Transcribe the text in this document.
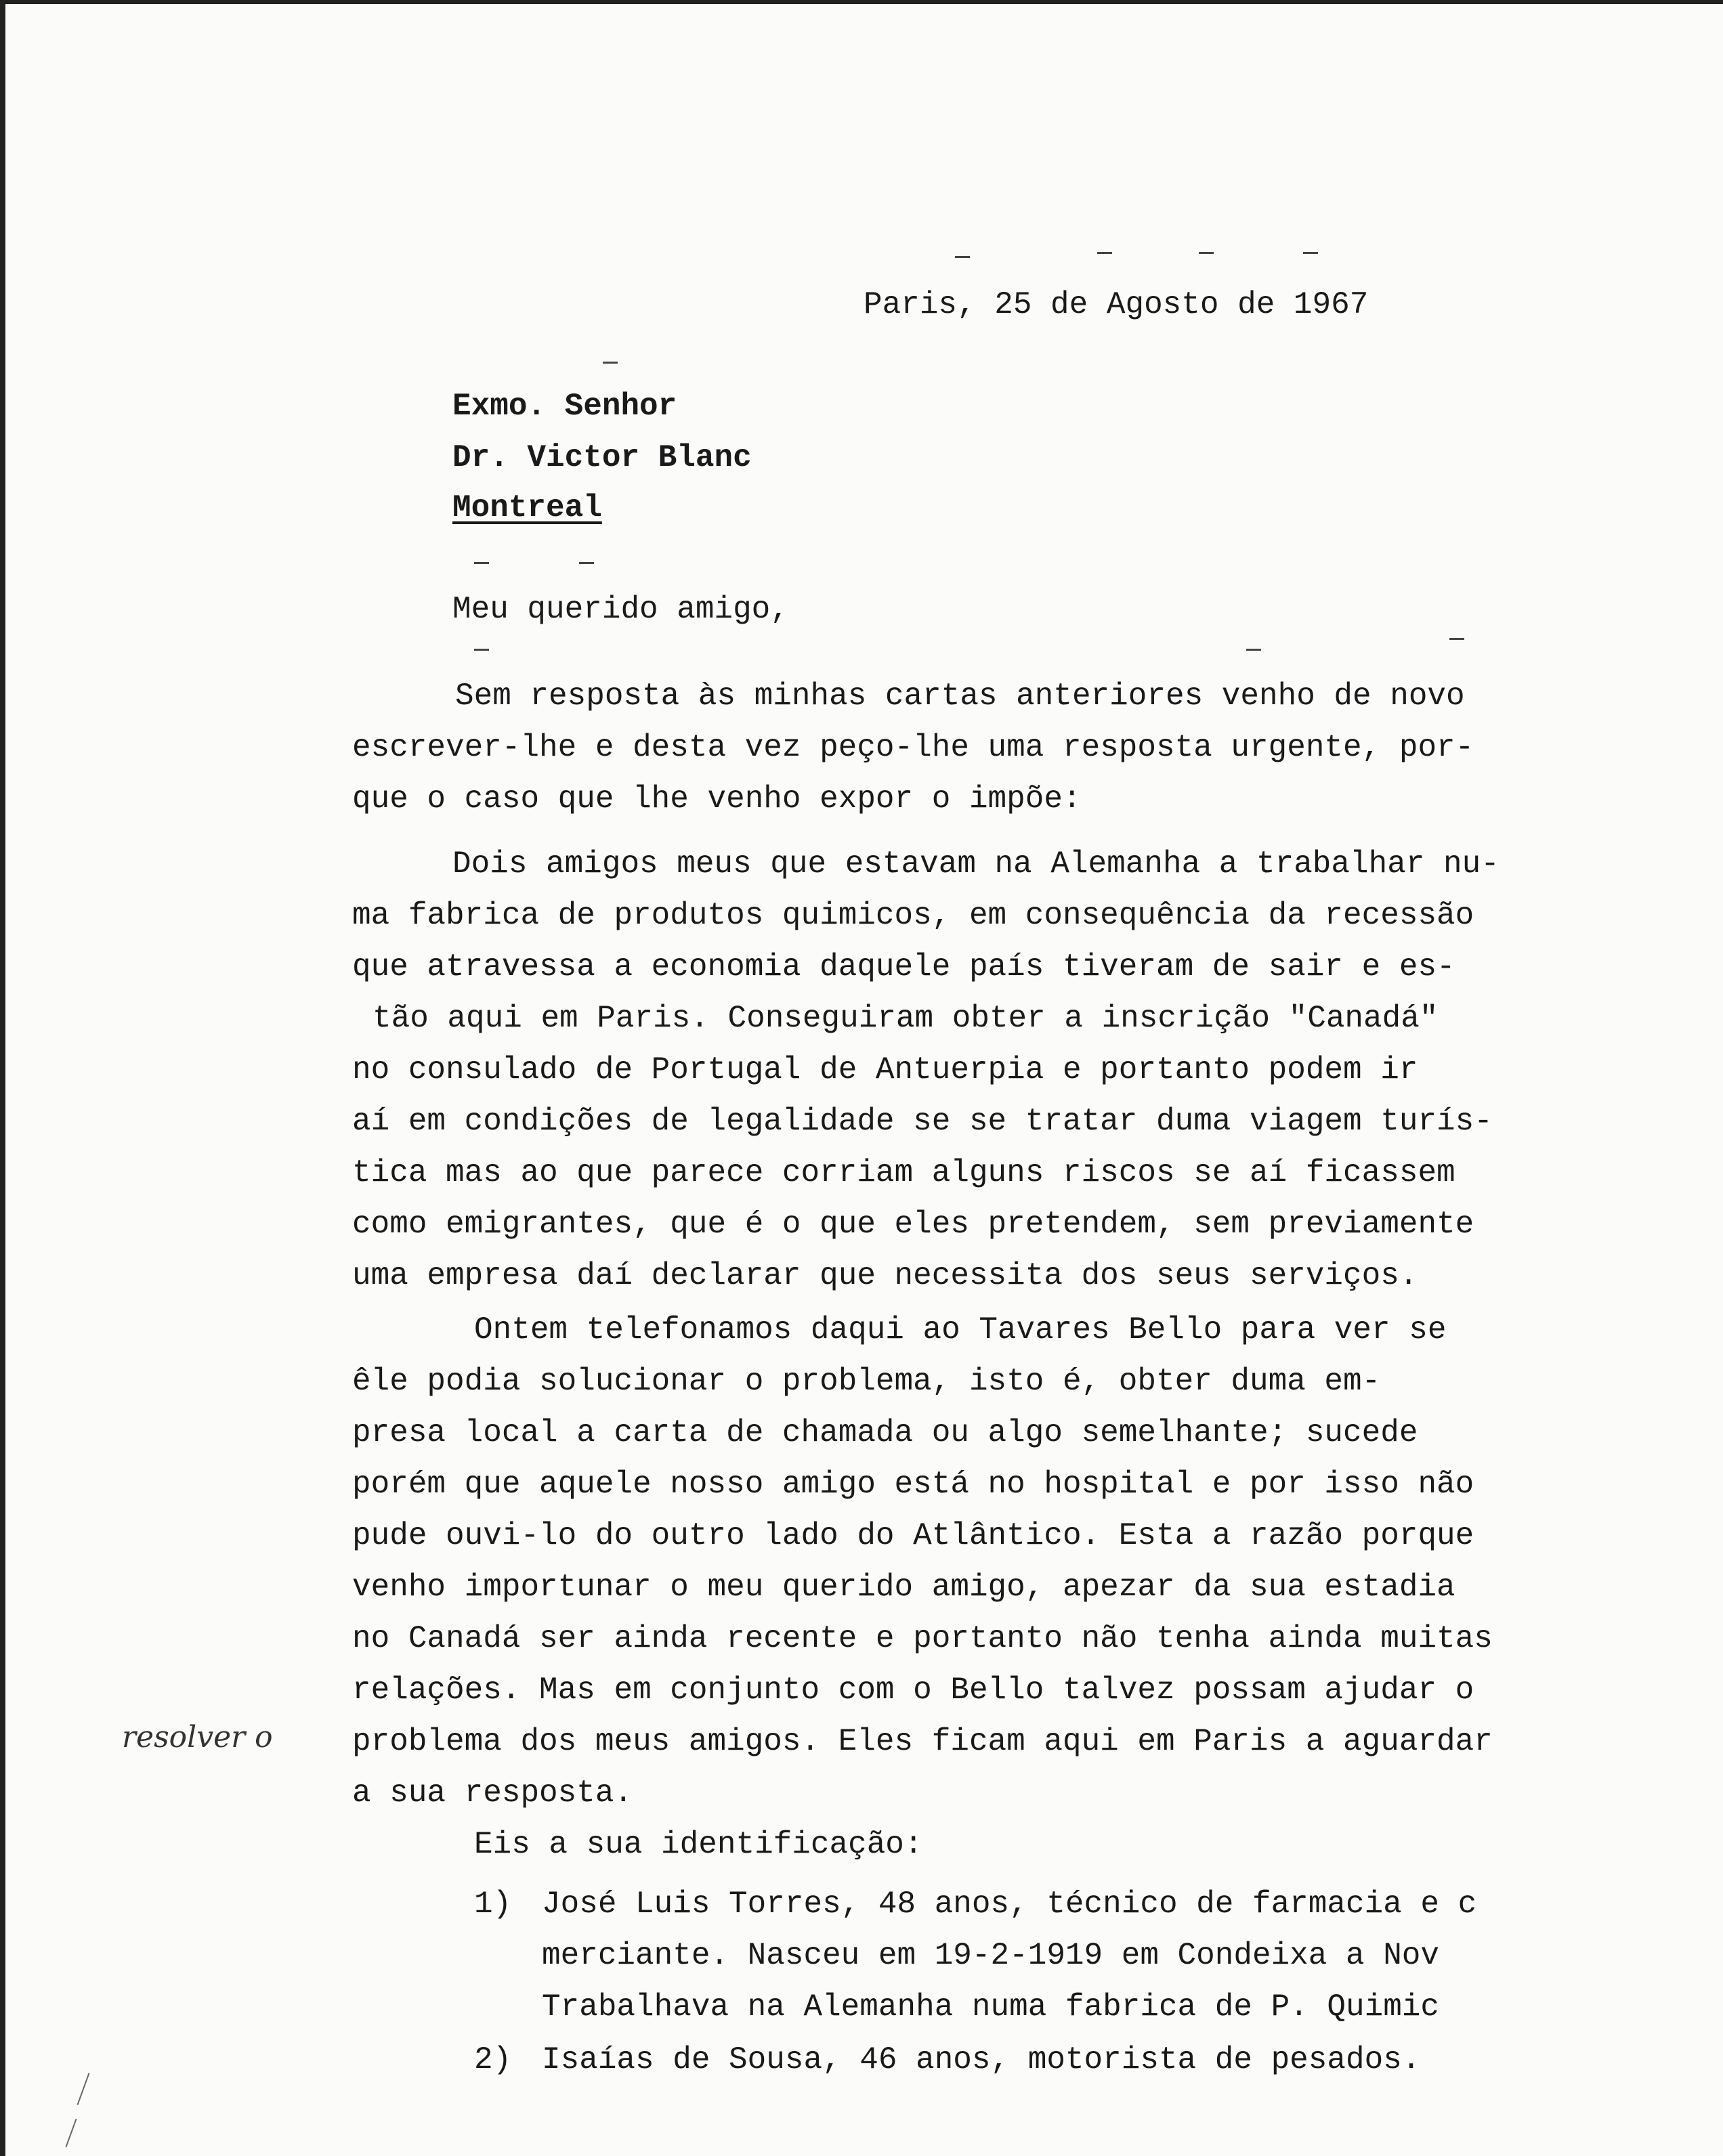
Paris, 25 de Agosto de 1967
Exmo. Senhor
Dr. Victor Blanc
Montreal
Meu querido amigo,
Sem resposta às minhas cartas anteriores venho de novo
escrever-lhe e desta vez peço-lhe uma resposta urgente, por-
que o caso que lhe venho expor o impõe:
Dois amigos meus que estavam na Alemanha a trabalhar nu-
ma fabrica de produtos quimicos, em consequência da recessão
que atravessa a economia daquele país tiveram de sair e es-
tão aqui em Paris. Conseguiram obter a inscrição "Canadá"
no consulado de Portugal de Antuerpia e portanto podem ir
aí em condições de legalidade se se tratar duma viagem turís-
tica mas ao que parece corriam alguns riscos se aí ficassem
como emigrantes, que é o que eles pretendem, sem previamente
uma empresa daí declarar que necessita dos seus serviços.
Ontem telefonamos daqui ao Tavares Bello para ver se
êle podia solucionar o problema, isto é, obter duma em-
presa local a carta de chamada ou algo semelhante; sucede
porém que aquele nosso amigo está no hospital e por isso não
pude ouvi-lo do outro lado do Atlântico. Esta a razão porque
venho importunar o meu querido amigo, apezar da sua estadia
no Canadá ser ainda recente e portanto não tenha ainda muitas
relações. Mas em conjunto com o Bello talvez possam ajudar o
problema dos meus amigos. Eles ficam aqui em Paris a aguardar
a sua resposta.
resolver o
Eis a sua identificação:
1) José Luis Torres, 48 anos, técnico de farmacia e c
merciante. Nasceu em 19-2-1919 em Condeixa a Nov
Trabalhava na Alemanha numa fabrica de P. Quimic
2) Isaías de Sousa, 46 anos, motorista de pesados.
